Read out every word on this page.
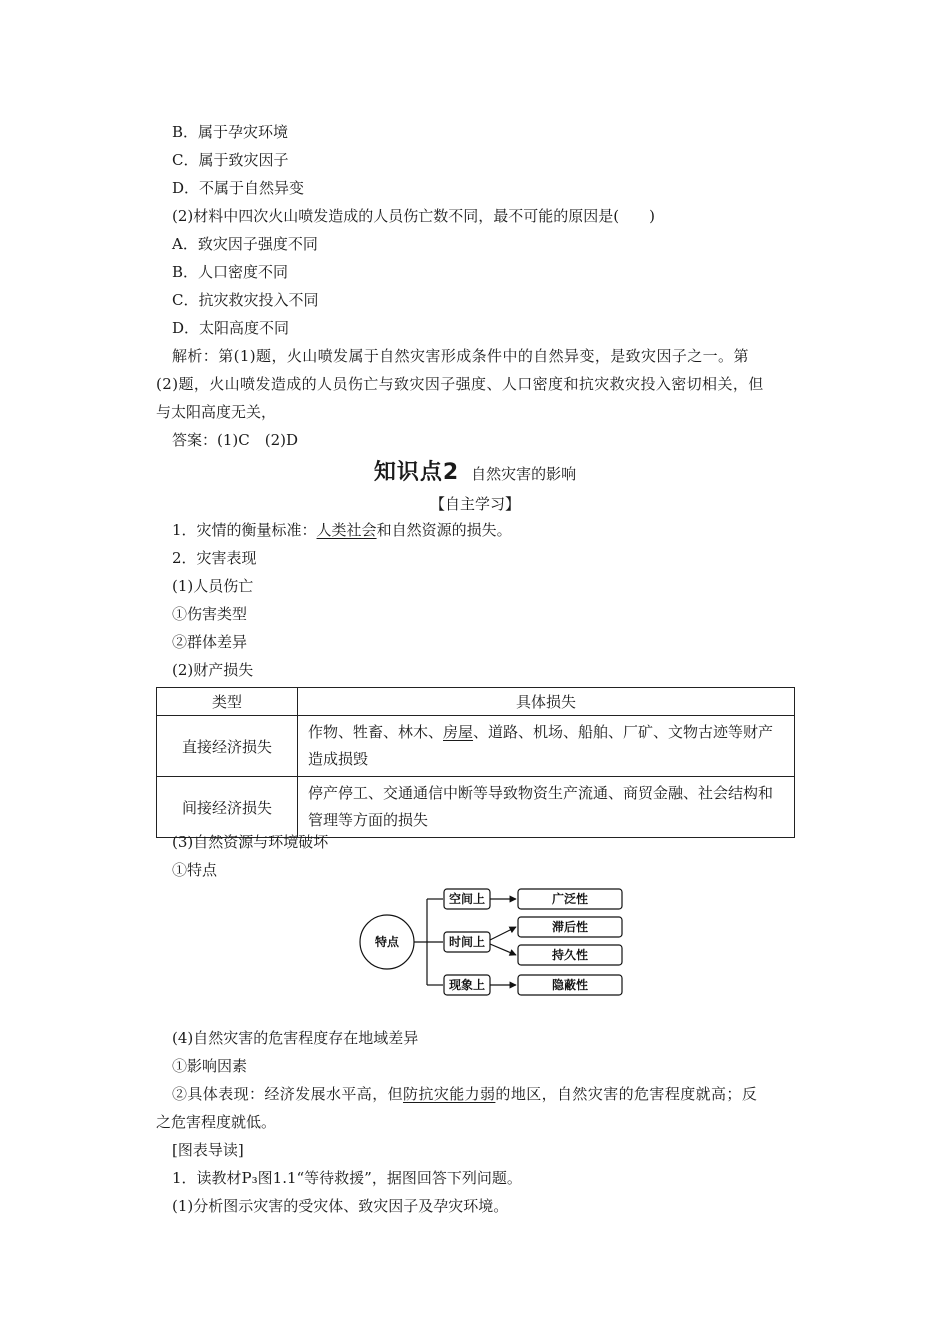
B．属于孕灾环境
C．属于致灾因子
D．不属于自然异变
(2)材料中四次火山喷发造成的人员伤亡数不同，最不可能的原因是(　　)
A．致灾因子强度不同
B．人口密度不同
C．抗灾救灾投入不同
D．太阳高度不同
解析：第(1)题，火山喷发属于自然灾害形成条件中的自然异变，是致灾因子之一。第
(2)题，火山喷发造成的人员伤亡与致灾因子强度、人口密度和抗灾救灾投入密切相关，但
与太阳高度无关，
答案：(1)C　(2)D
知识点2 自然灾害的影响
【自主学习】
1．灾情的衡量标准：人类社会和自然资源的损失。
2．灾害表现
(1)人员伤亡
①伤害类型
②群体差异
(2)财产损失
类型	具体损失
直接经济损失	作物、牲畜、林木、房屋、道路、机场、船舶、厂矿、文物古迹等财产造成损毁
间接经济损失	停产停工、交通通信中断等导致物资生产流通、商贸金融、社会结构和管理等方面的损失
(3)自然资源与环境破坏
①特点
特点
空间上
时间上
现象上
广泛性
滞后性
持久性
隐蔽性
(4)自然灾害的危害程度存在地域差异
①影响因素
②具体表现：经济发展水平高，但防抗灾能力弱的地区，自然灾害的危害程度就高；反
之危害程度就低。
[图表导读]
1．读教材P₃图1.1“等待救援”，据图回答下列问题。
(1)分析图示灾害的受灾体、致灾因子及孕灾环境。
